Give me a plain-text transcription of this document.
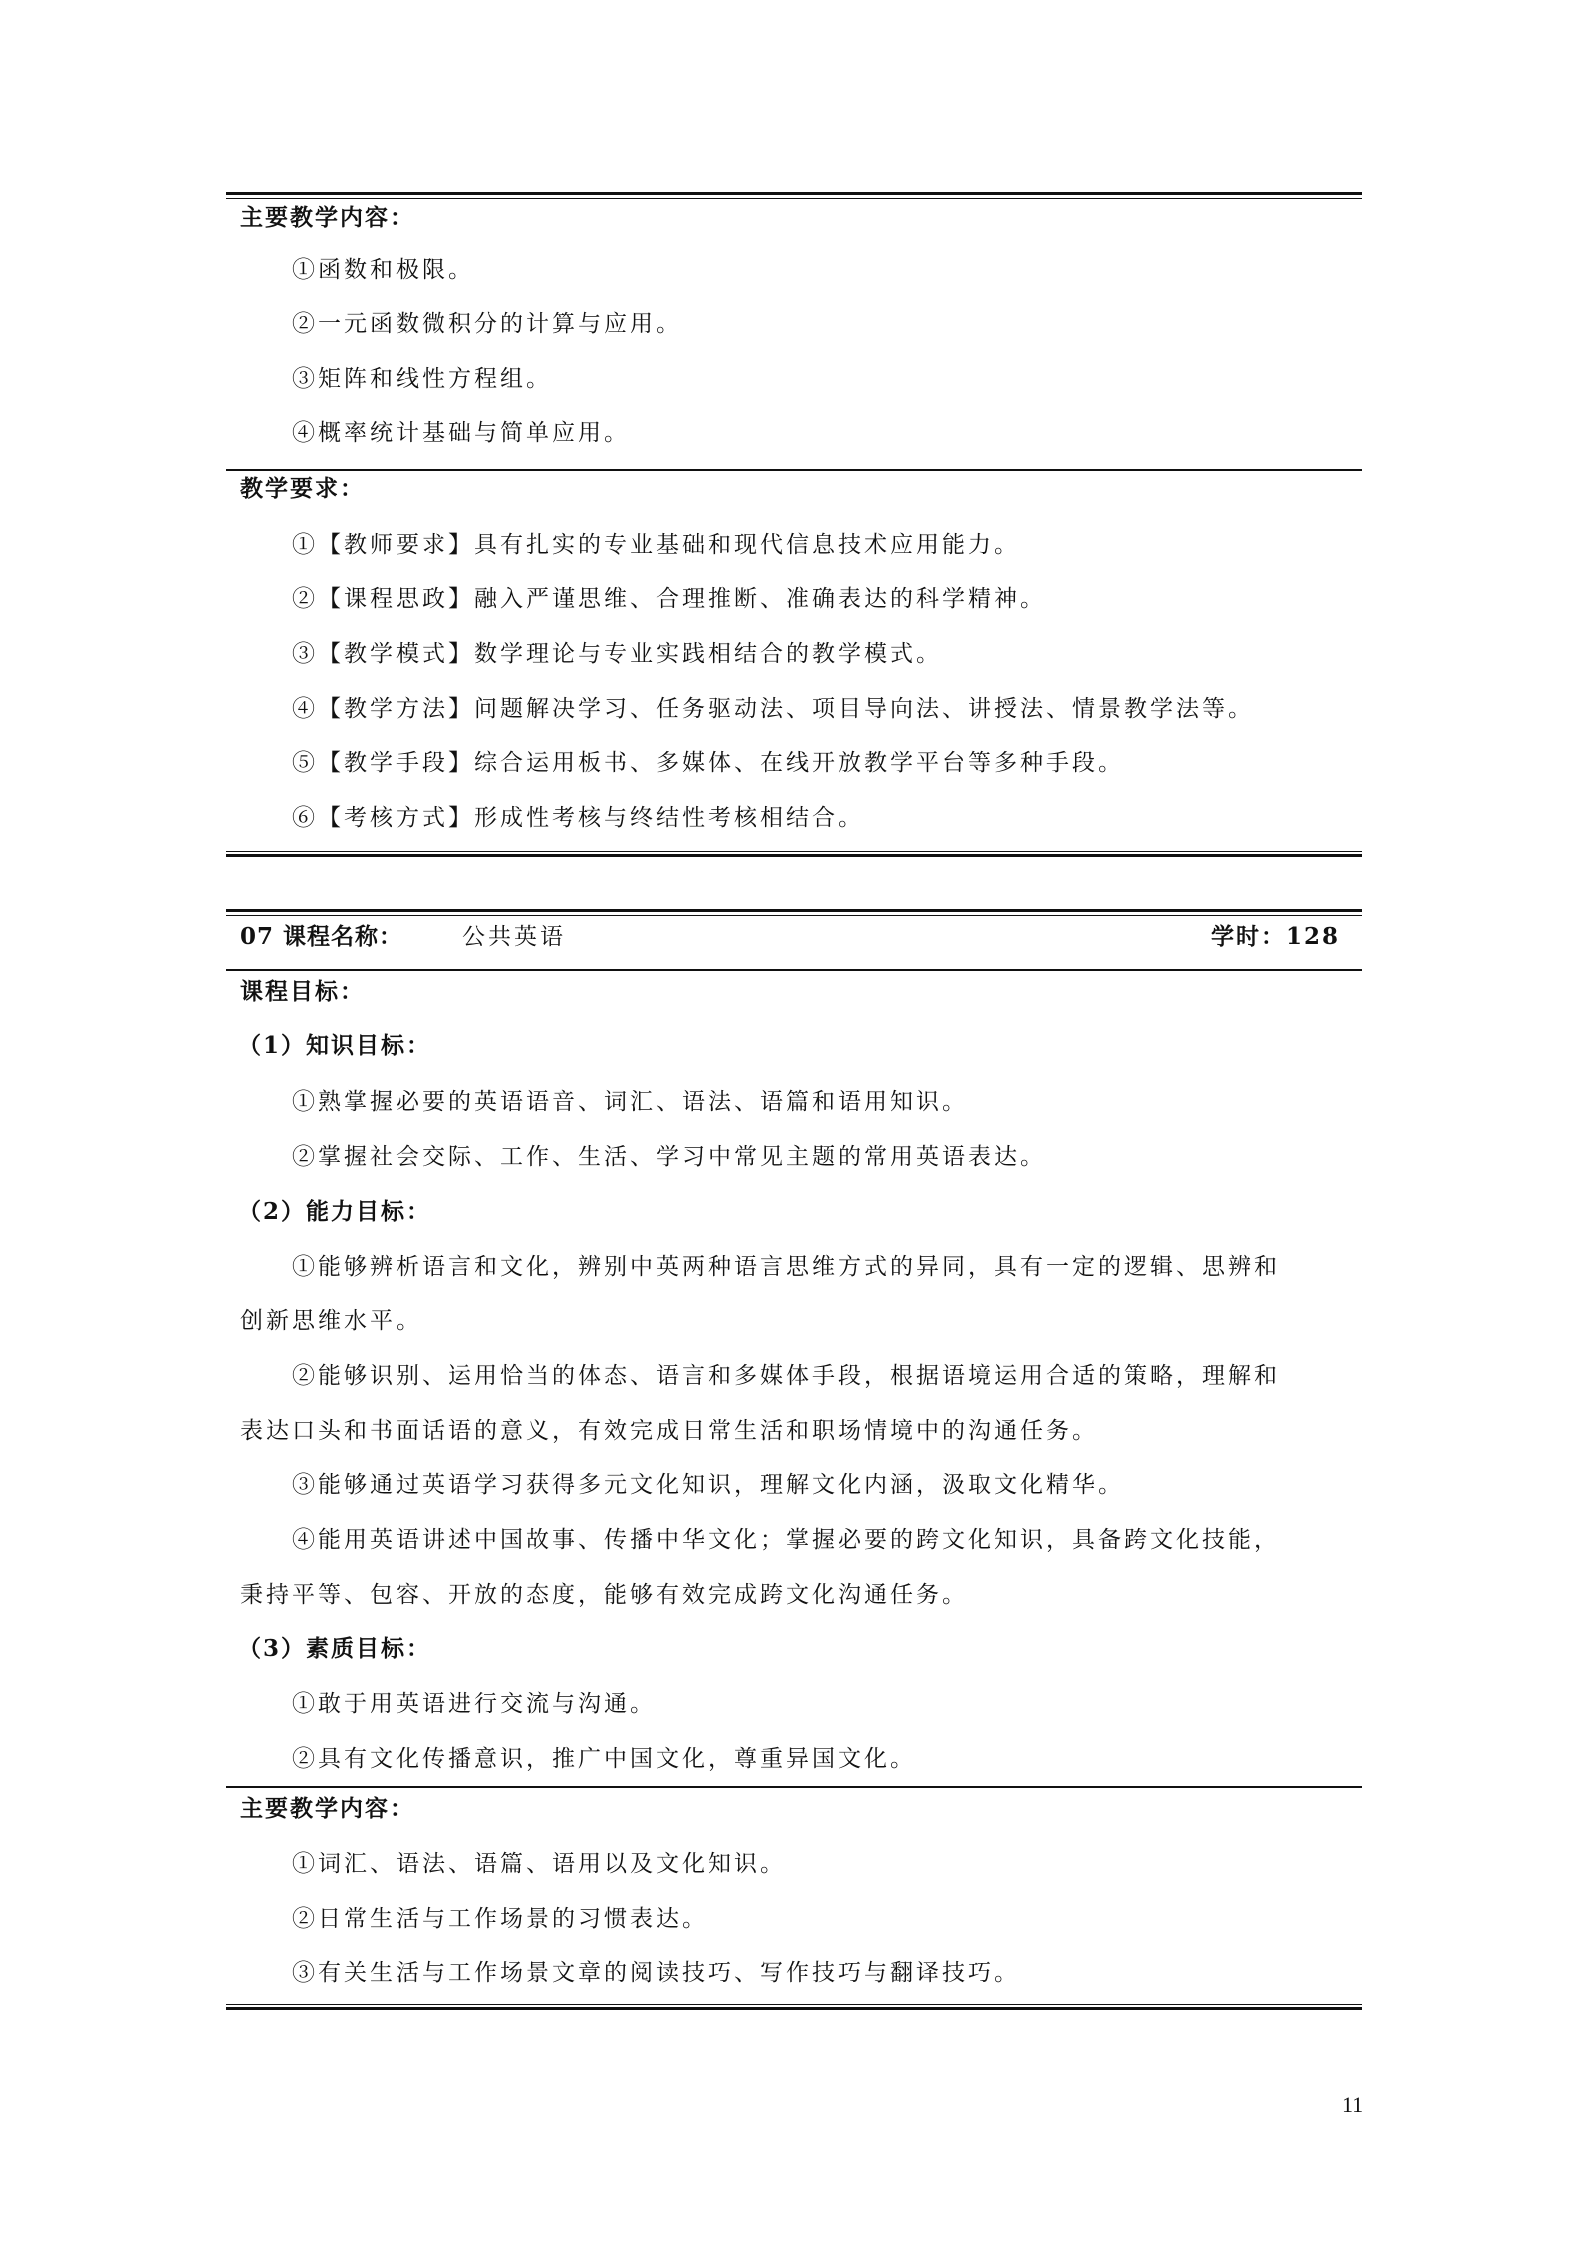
主要教学内容：
①函数和极限。
②一元函数微积分的计算与应用。
③矩阵和线性方程组。
④概率统计基础与简单应用。
教学要求：
①【教师要求】具有扎实的专业基础和现代信息技术应用能力。
②【课程思政】融入严谨思维、合理推断、准确表达的科学精神。
③【教学模式】数学理论与专业实践相结合的教学模式。
④【教学方法】问题解决学习、任务驱动法、项目导向法、讲授法、情景教学法等。
⑤【教学手段】综合运用板书、多媒体、在线开放教学平台等多种手段。
⑥【考核方式】形成性考核与终结性考核相结合。
07 课程名称：	公共英语	学时：128
课程目标：
（1）知识目标：
①熟掌握必要的英语语音、词汇、语法、语篇和语用知识。
②掌握社会交际、工作、生活、学习中常见主题的常用英语表达。
（2）能力目标：
①能够辨析语言和文化，辨别中英两种语言思维方式的异同，具有一定的逻辑、思辨和
创新思维水平。
②能够识别、运用恰当的体态、语言和多媒体手段，根据语境运用合适的策略，理解和
表达口头和书面话语的意义，有效完成日常生活和职场情境中的沟通任务。
③能够通过英语学习获得多元文化知识，理解文化内涵，汲取文化精华。
④能用英语讲述中国故事、传播中华文化；掌握必要的跨文化知识，具备跨文化技能，
秉持平等、包容、开放的态度，能够有效完成跨文化沟通任务。
（3）素质目标：
①敢于用英语进行交流与沟通。
②具有文化传播意识，推广中国文化，尊重异国文化。
主要教学内容：
①词汇、语法、语篇、语用以及文化知识。
②日常生活与工作场景的习惯表达。
③有关生活与工作场景文章的阅读技巧、写作技巧与翻译技巧。
11
